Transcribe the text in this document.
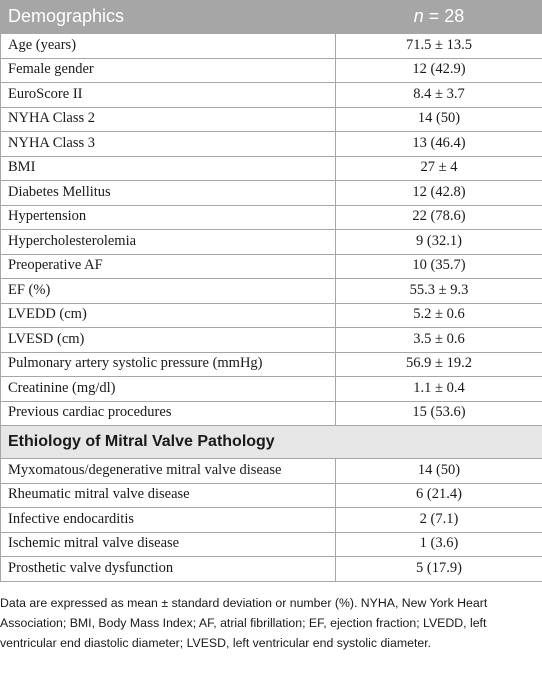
Demographics	n = 28
Age (years)	71.5 ± 13.5
Female gender	12 (42.9)
EuroScore II	8.4 ± 3.7
NYHA Class 2	14 (50)
NYHA Class 3	13 (46.4)
BMI	27 ± 4
Diabetes Mellitus	12 (42.8)
Hypertension	22 (78.6)
Hypercholesterolemia	9 (32.1)
Preoperative AF	10 (35.7)
EF (%)	55.3 ± 9.3
LVEDD (cm)	5.2 ± 0.6
LVESD (cm)	3.5 ± 0.6
Pulmonary artery systolic pressure (mmHg)	56.9 ± 19.2
Creatinine (mg/dl)	1.1 ± 0.4
Previous cardiac procedures	15 (53.6)
Ethiology of Mitral Valve Pathology	
Myxomatous/degenerative mitral valve disease	14 (50)
Rheumatic mitral valve disease	6 (21.4)
Infective endocarditis	2 (7.1)
Ischemic mitral valve disease	1 (3.6)
Prosthetic valve dysfunction	5 (17.9)

Data are expressed as mean ± standard deviation or number (%). NYHA, New York Heart Association; BMI, Body Mass Index; AF, atrial fibrillation; EF, ejection fraction; LVEDD, left ventricular end diastolic diameter; LVESD, left ventricular end systolic diameter.
